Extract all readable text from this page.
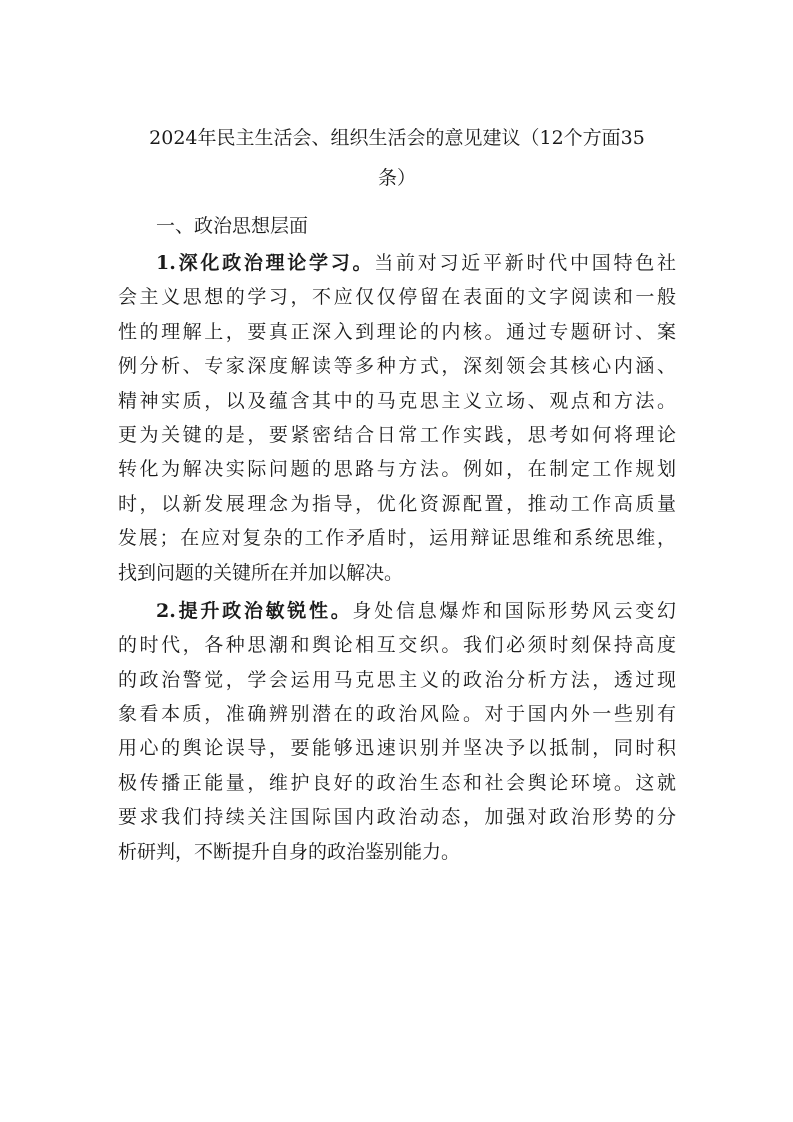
2024年民主生活会、组织生活会的意见建议（12个方面35
条）
一、政治思想层面
1.深化政治理论学习。当前对习近平新时代中国特色社
会主义思想的学习，不应仅仅停留在表面的文字阅读和一般
性的理解上，要真正深入到理论的内核。通过专题研讨、案
例分析、专家深度解读等多种方式，深刻领会其核心内涵、
精神实质，以及蕴含其中的马克思主义立场、观点和方法。
更为关键的是，要紧密结合日常工作实践，思考如何将理论
转化为解决实际问题的思路与方法。例如，在制定工作规划
时，以新发展理念为指导，优化资源配置，推动工作高质量
发展；在应对复杂的工作矛盾时，运用辩证思维和系统思维，
找到问题的关键所在并加以解决。
2.提升政治敏锐性。身处信息爆炸和国际形势风云变幻
的时代，各种思潮和舆论相互交织。我们必须时刻保持高度
的政治警觉，学会运用马克思主义的政治分析方法，透过现
象看本质，准确辨别潜在的政治风险。对于国内外一些别有
用心的舆论误导，要能够迅速识别并坚决予以抵制，同时积
极传播正能量，维护良好的政治生态和社会舆论环境。这就
要求我们持续关注国际国内政治动态，加强对政治形势的分
析研判，不断提升自身的政治鉴别能力。
